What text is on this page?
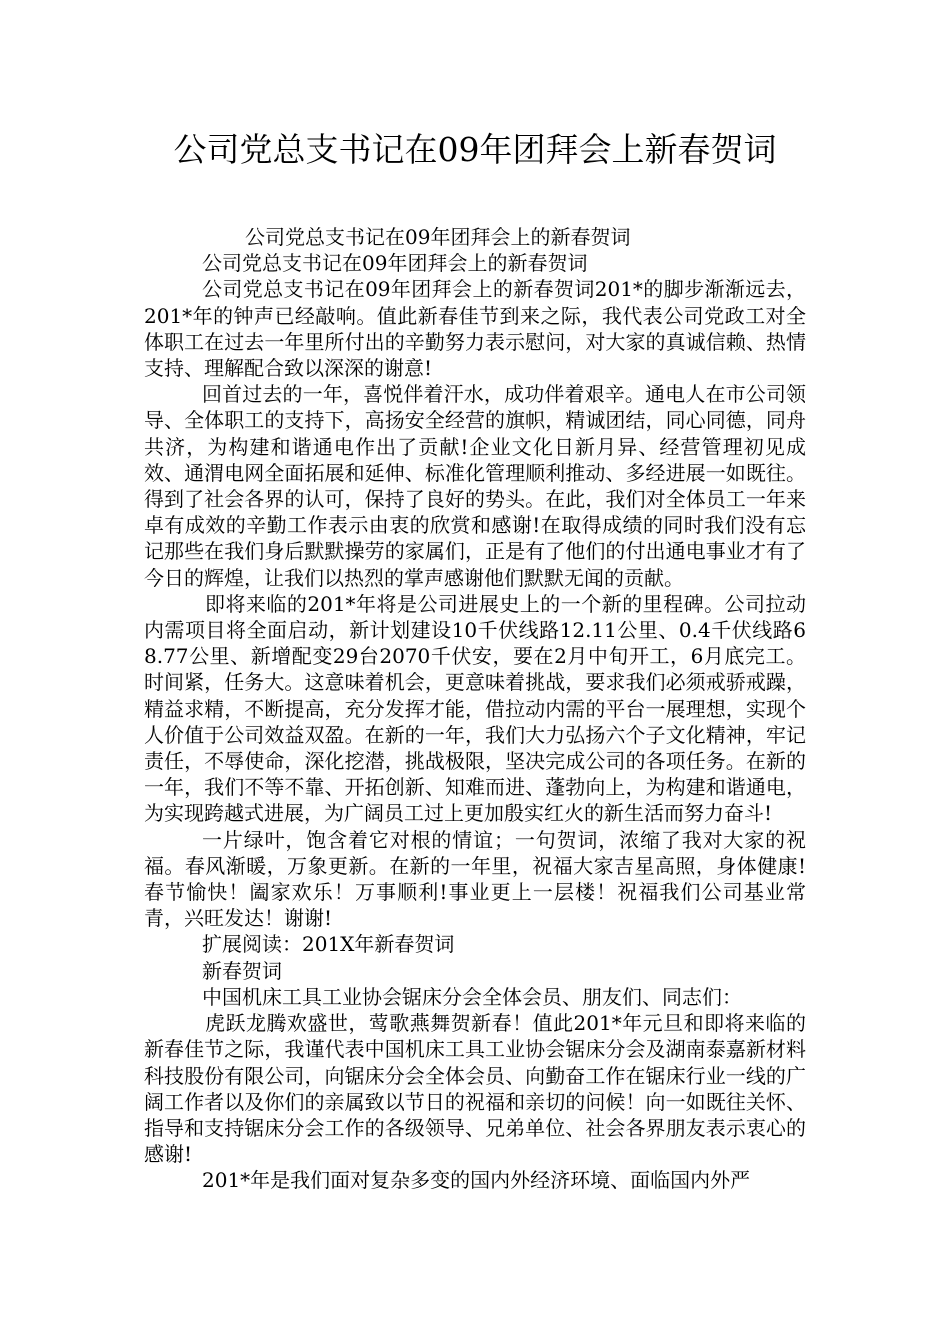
公司党总支书记在09年团拜会上新春贺词

公司党总支书记在09年团拜会上的新春贺词

公司党总支书记在09年团拜会上的新春贺词

公司党总支书记在09年团拜会上的新春贺词201*的脚步渐渐远去，201*年的钟声已经敲响。值此新春佳节到来之际，我代表公司党政工对全体职工在过去一年里所付出的辛勤努力表示慰问，对大家的真诚信赖、热情支持、理解配合致以深深的谢意!

回首过去的一年，喜悦伴着汗水，成功伴着艰辛。通电人在市公司领导、全体职工的支持下，高扬安全经营的旗帜，精诚团结，同心同德，同舟共济，为构建和谐通电作出了贡献!企业文化日新月异、经营管理初见成效、通渭电网全面拓展和延伸、标准化管理顺利推动、多经进展一如既往。得到了社会各界的认可，保持了良好的势头。在此，我们对全体员工一年来卓有成效的辛勤工作表示由衷的欣赏和感谢!在取得成绩的同时我们没有忘记那些在我们身后默默操劳的家属们，正是有了他们的付出通电事业才有了今日的辉煌，让我们以热烈的掌声感谢他们默默无闻的贡献。

即将来临的201*年将是公司进展史上的一个新的里程碑。公司拉动内需项目将全面启动，新计划建设10千伏线路12.11公里、0.4千伏线路68.77公里、新增配变29台2070千伏安，要在2月中旬开工，6月底完工。时间紧，任务大。这意味着机会，更意味着挑战，要求我们必须戒骄戒躁，精益求精，不断提高，充分发挥才能，借拉动内需的平台一展理想，实现个人价值于公司效益双盈。在新的一年，我们大力弘扬六个子文化精神，牢记责任，不辱使命，深化挖潜，挑战极限，坚决完成公司的各项任务。在新的一年，我们不等不靠、开拓创新、知难而进、蓬勃向上，为构建和谐通电，为实现跨越式进展，为广阔员工过上更加殷实红火的新生活而努力奋斗!

一片绿叶，饱含着它对根的情谊；一句贺词，浓缩了我对大家的祝福。春风渐暖，万象更新。在新的一年里，祝福大家吉星高照，身体健康!春节愉快！阖家欢乐！万事顺利!事业更上一层楼！祝福我们公司基业常青，兴旺发达！谢谢!

扩展阅读：201X年新春贺词

新春贺词

中国机床工具工业协会锯床分会全体会员、朋友们、同志们：

虎跃龙腾欢盛世，莺歌燕舞贺新春！值此201*年元旦和即将来临的新春佳节之际，我谨代表中国机床工具工业协会锯床分会及湖南泰嘉新材料科技股份有限公司，向锯床分会全体会员、向勤奋工作在锯床行业一线的广阔工作者以及你们的亲属致以节日的祝福和亲切的问候！向一如既往关怀、指导和支持锯床分会工作的各级领导、兄弟单位、社会各界朋友表示衷心的感谢!

201*年是我们面对复杂多变的国内外经济环境、面临国内外严
